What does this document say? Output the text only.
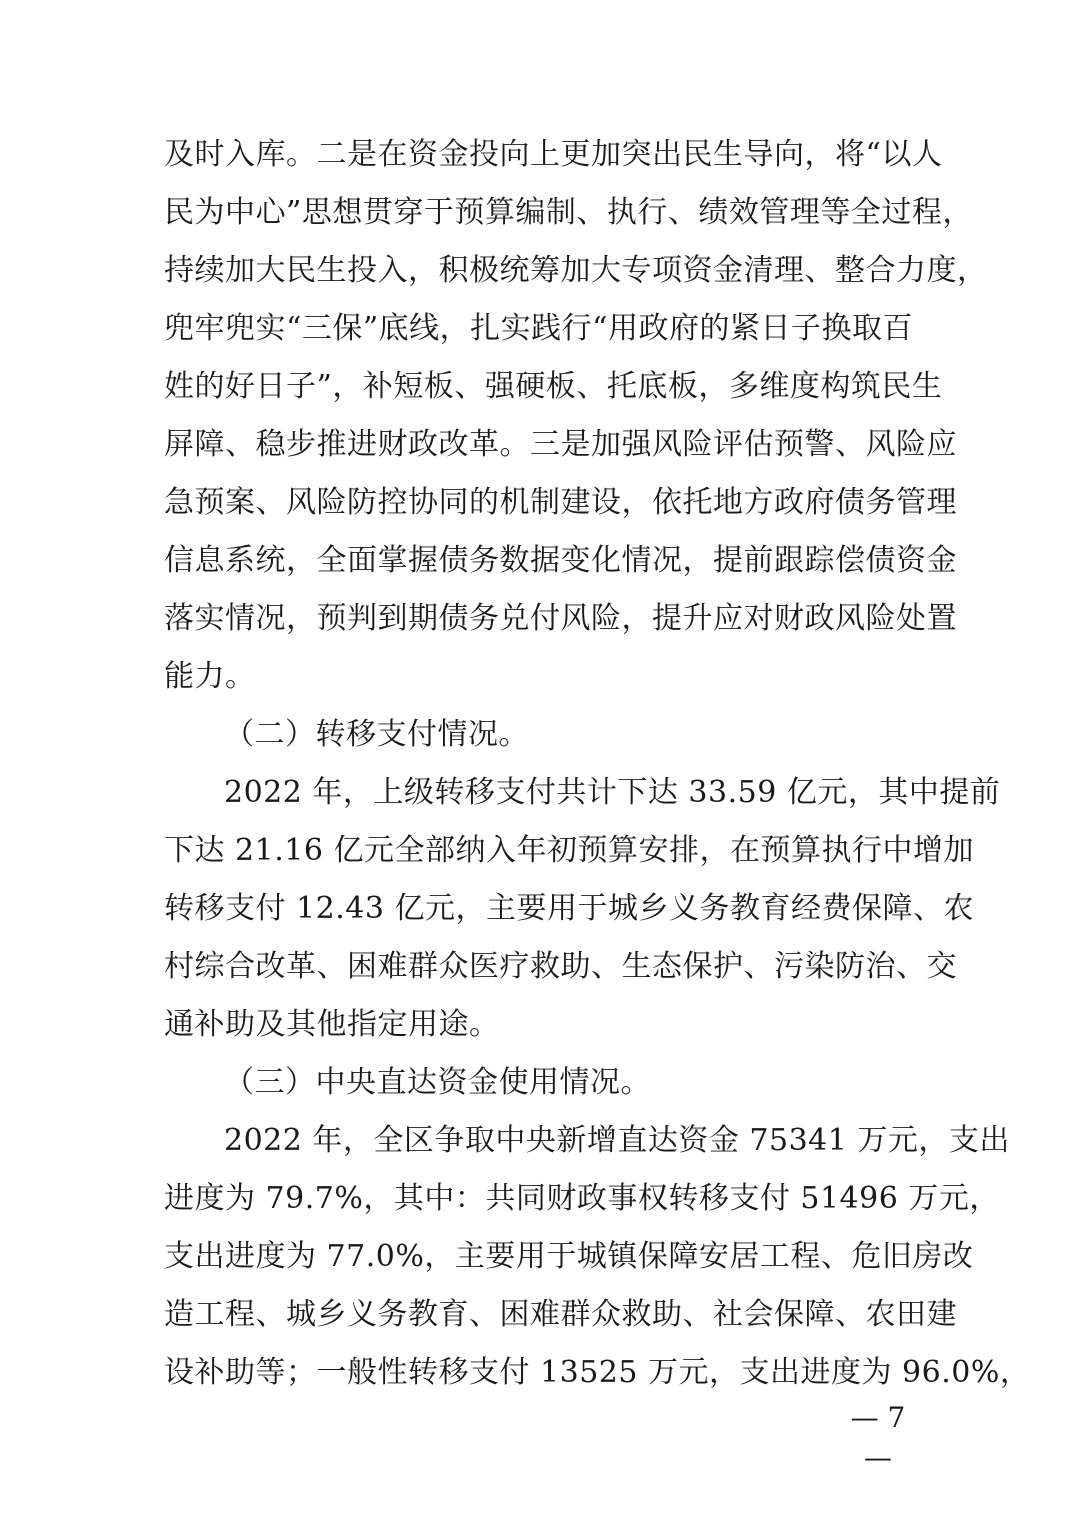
及时入库。二是在资金投向上更加突出民生导向，将“以人
民为中心”思想贯穿于预算编制、执行、绩效管理等全过程，
持续加大民生投入，积极统筹加大专项资金清理、整合力度，
兜牢兜实“三保”底线，扎实践行“用政府的紧日子换取百
姓的好日子”，补短板、强硬板、托底板，多维度构筑民生
屏障、稳步推进财政改革。三是加强风险评估预警、风险应
急预案、风险防控协同的机制建设，依托地方政府债务管理
信息系统，全面掌握债务数据变化情况，提前跟踪偿债资金
落实情况，预判到期债务兑付风险，提升应对财政风险处置
能力。
（二）转移支付情况。
2022 年，上级转移支付共计下达 33.59 亿元，其中提前
下达 21.16 亿元全部纳入年初预算安排，在预算执行中增加
转移支付 12.43 亿元，主要用于城乡义务教育经费保障、农
村综合改革、困难群众医疗救助、生态保护、污染防治、交
通补助及其他指定用途。
（三）中央直达资金使用情况。
2022 年，全区争取中央新增直达资金 75341 万元，支出
进度为 79.7%，其中：共同财政事权转移支付 51496 万元，
支出进度为 77.0%，主要用于城镇保障安居工程、危旧房改
造工程、城乡义务教育、困难群众救助、社会保障、农田建
设补助等；一般性转移支付 13525 万元，支出进度为 96.0%，
— 7 —
